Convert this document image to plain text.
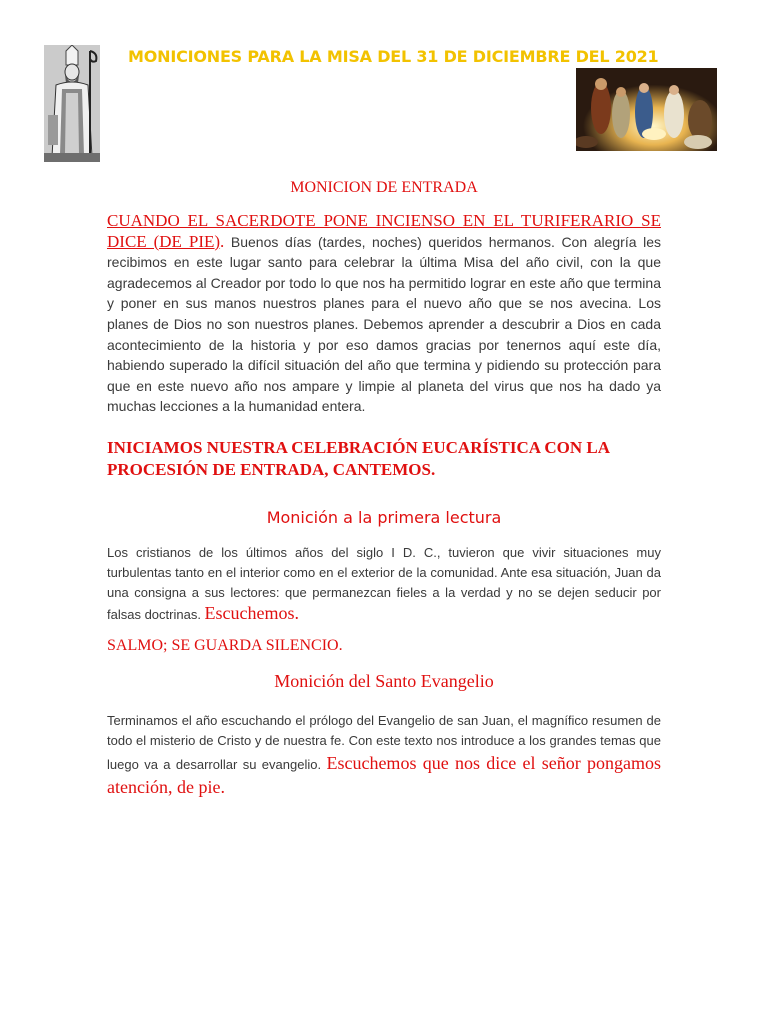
MONICIONES PARA LA MISA DEL 31 DE DICIEMBRE DEL 2021
MONICION DE ENTRADA
CUANDO EL SACERDOTE PONE INCIENSO EN EL TURIFERARIO SE DICE (DE PIE). Buenos días (tardes, noches) queridos hermanos. Con alegría les recibimos en este lugar santo para celebrar la última Misa del año civil, con la que agradecemos al Creador por todo lo que nos ha permitido lograr en este año que termina y poner en sus manos nuestros planes para el nuevo año que se nos avecina. Los planes de Dios no son nuestros planes. Debemos aprender a descubrir a Dios en cada acontecimiento de la historia y por eso damos gracias por tenernos aquí este día, habiendo superado la difícil situación del año que termina y pidiendo su protección para que en este nuevo año nos ampare y limpie al planeta del virus que nos ha dado ya muchas lecciones a la humanidad entera.
INICIAMOS NUESTRA CELEBRACIÓN EUCARÍSTICA CON LA PROCESIÓN DE ENTRADA, CANTEMOS.
Monición a la primera lectura
Los cristianos de los últimos años del siglo I D. C., tuvieron que vivir situaciones muy turbulentas tanto en el interior como en el exterior de la comunidad. Ante esa situación, Juan da una consigna a sus lectores: que permanezcan fieles a la verdad y no se dejen seducir por falsas doctrinas. Escuchemos.
SALMO; SE GUARDA SILENCIO.
Monición del Santo Evangelio
Terminamos el año escuchando el prólogo del Evangelio de san Juan, el magnífico resumen de todo el misterio de Cristo y de nuestra fe. Con este texto nos introduce a los grandes temas que luego va a desarrollar su evangelio. Escuchemos que nos dice el señor pongamos atención, de pie.
